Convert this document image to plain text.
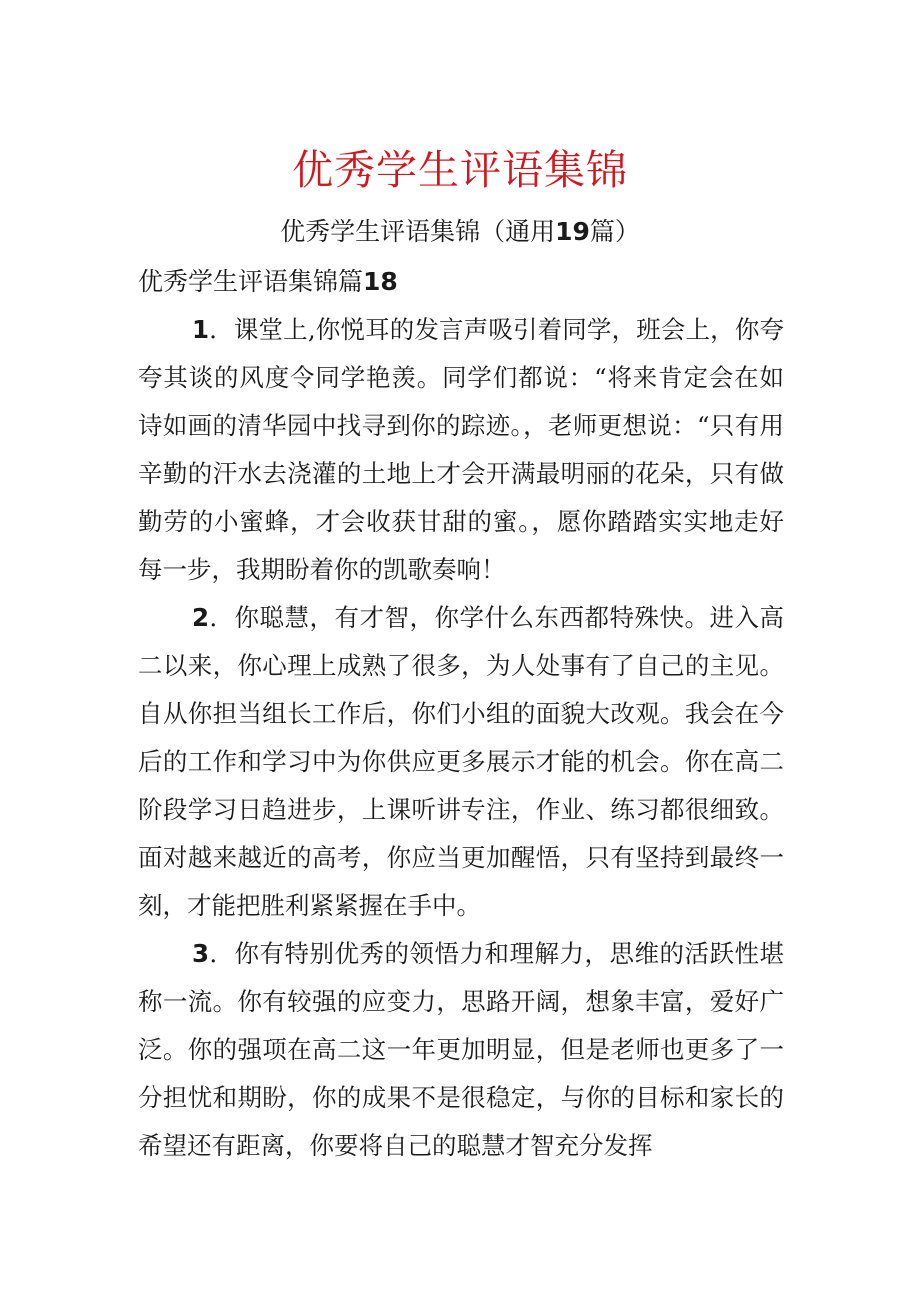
优秀学生评语集锦
优秀学生评语集锦（通用19篇）
优秀学生评语集锦篇18

1．课堂上,你悦耳的发言声吸引着同学，班会上，你夸夸其谈的风度令同学艳羡。同学们都说：“将来肯定会在如诗如画的清华园中找寻到你的踪迹。，老师更想说：“只有用辛勤的汗水去浇灌的土地上才会开满最明丽的花朵，只有做勤劳的小蜜蜂，才会收获甘甜的蜜。，愿你踏踏实实地走好每一步，我期盼着你的凯歌奏响！

2．你聪慧，有才智，你学什么东西都特殊快。进入高二以来，你心理上成熟了很多，为人处事有了自己的主见。自从你担当组长工作后，你们小组的面貌大改观。我会在今后的工作和学习中为你供应更多展示才能的机会。你在高二阶段学习日趋进步，上课听讲专注，作业、练习都很细致。面对越来越近的高考，你应当更加醒悟，只有坚持到最终一刻，才能把胜利紧紧握在手中。

3．你有特别优秀的领悟力和理解力，思维的活跃性堪称一流。你有较强的应变力，思路开阔，想象丰富，爱好广泛。你的强项在高二这一年更加明显，但是老师也更多了一分担忧和期盼，你的成果不是很稳定，与你的目标和家长的希望还有距离，你要将自己的聪慧才智充分发挥
